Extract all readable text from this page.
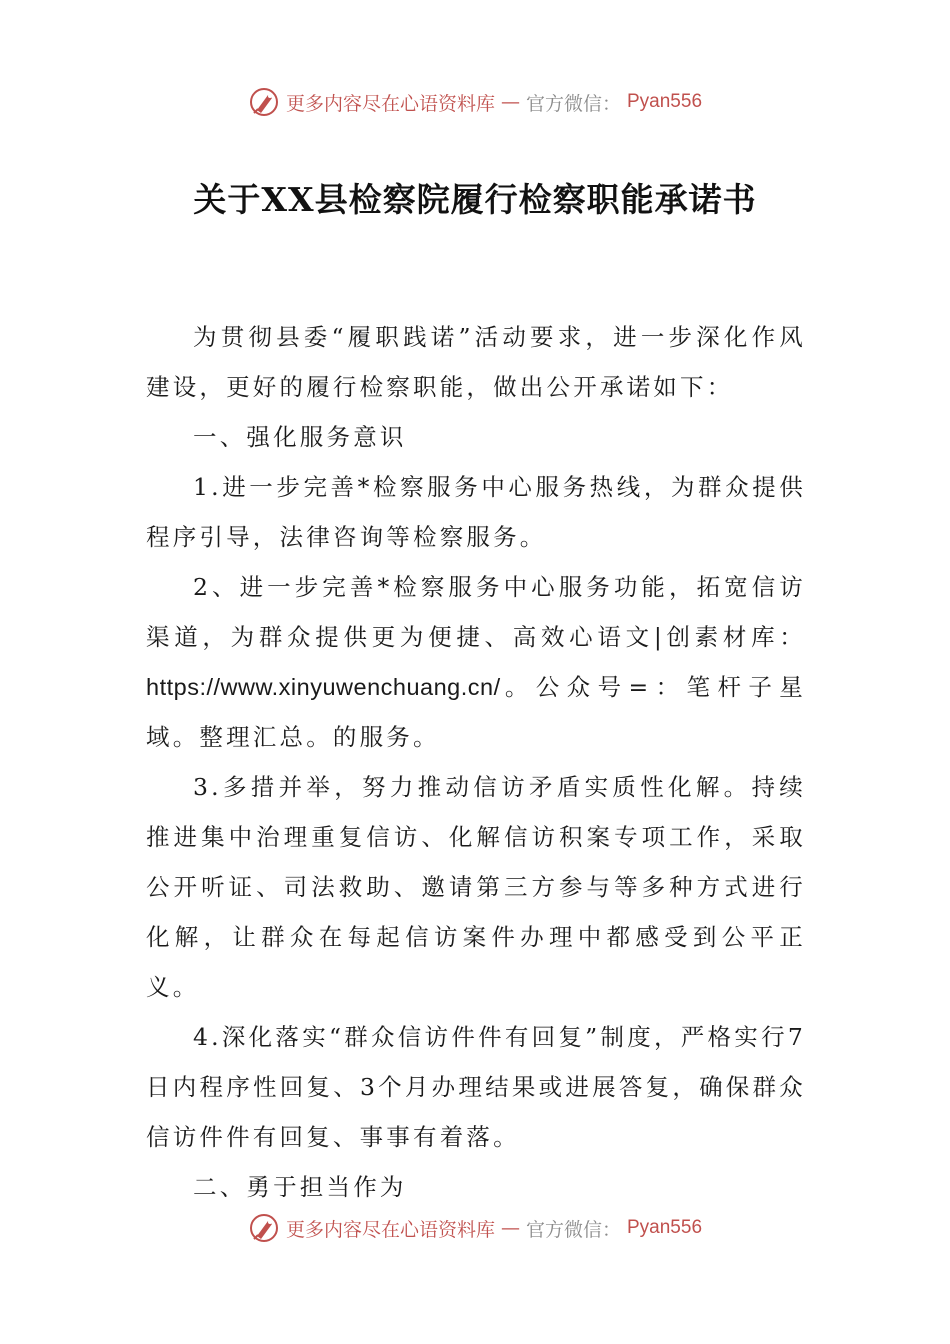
更多内容尽在心语资料库 — 官方微信： Pyan556
关于XX县检察院履行检察职能承诺书

为贯彻县委“履职践诺”活动要求，进一步深化作风建设，更好的履行检察职能，做出公开承诺如下：

一、强化服务意识

1.进一步完善*检察服务中心服务热线，为群众提供程序引导，法律咨询等检察服务。

2、进一步完善*检察服务中心服务功能，拓宽信访渠道，为群众提供更为便捷、高效心语文|创素材库：https://www.xinyuwenchuang.cn/。公众号=：笔杆子星域。整理汇总。的服务。

3.多措并举，努力推动信访矛盾实质性化解。持续推进集中治理重复信访、化解信访积案专项工作，采取公开听证、司法救助、邀请第三方参与等多种方式进行化解，让群众在每起信访案件办理中都感受到公平正义。

4.深化落实“群众信访件件有回复”制度，严格实行7日内程序性回复、3个月办理结果或进展答复，确保群众信访件件有回复、事事有着落。

二、勇于担当作为

更多内容尽在心语资料库 — 官方微信： Pyan556
